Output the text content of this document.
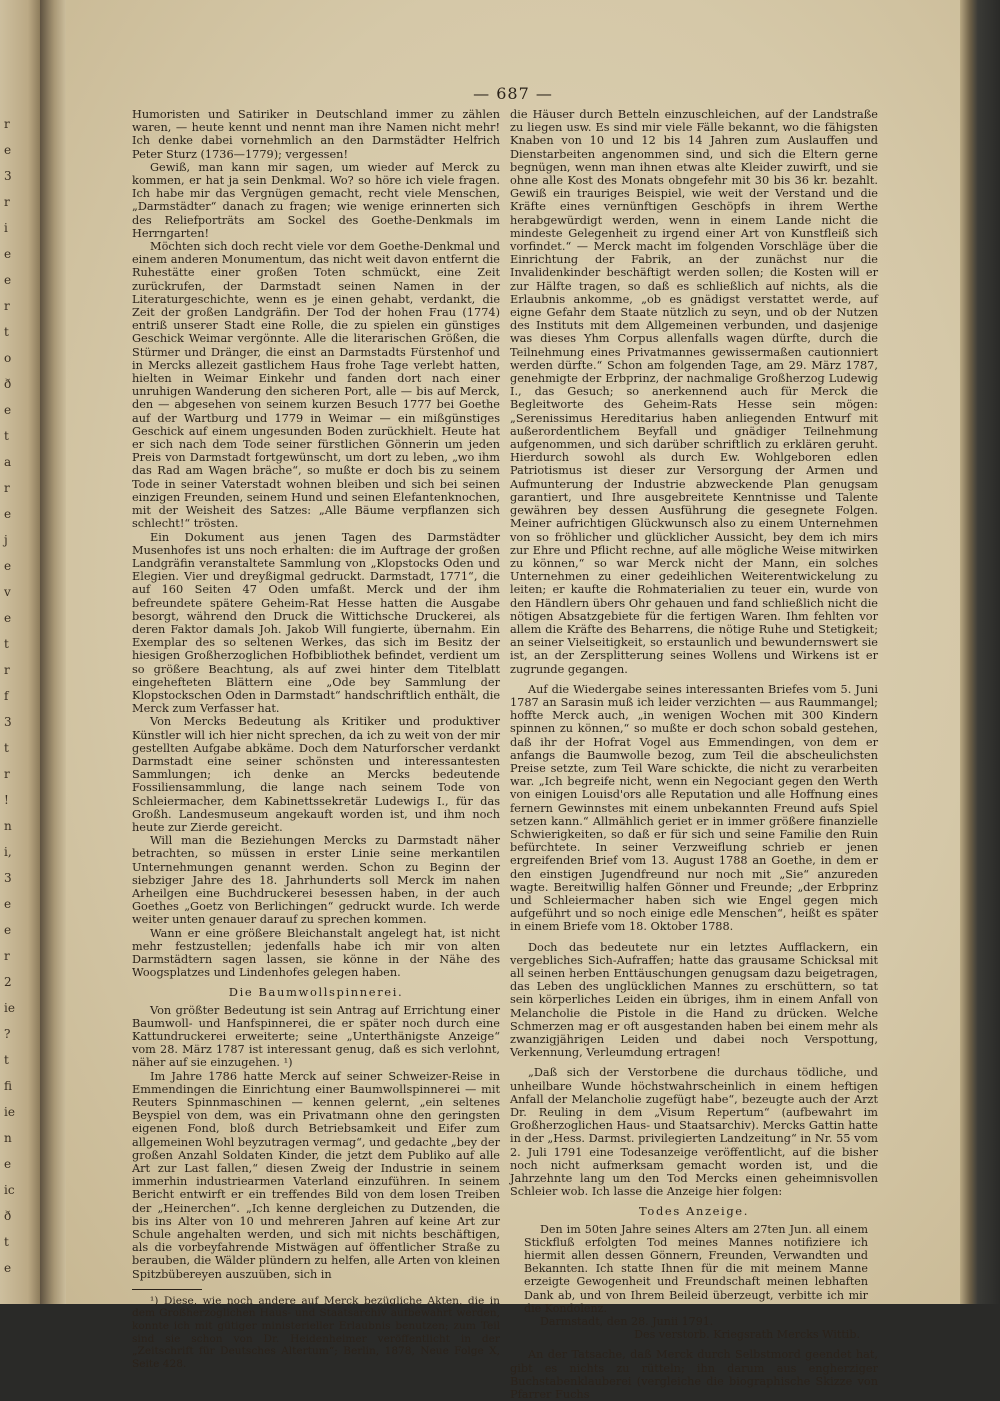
r
e
3
r
i
e
e
r
t
o
ð
e
t
a
r
e
j
e
v
e
t
r
f
3
t
r
!
n
i,
3
e
e
r
2
ie
?
t
fi
ie
n
e
ic
ð
t
e
— 687 —

Humoristen und Satiriker in Deutschland immer zu zählen waren, — heute kennt und nennt man ihre Namen nicht mehr! Ich denke dabei vornehmlich an den Darmstädter Helfrich Peter Sturz (1736—1779); vergessen!

Gewiß, man kann mir sagen, um wieder auf Merck zu kommen, er hat ja sein Denkmal. Wo? so höre ich viele fragen. Ich habe mir das Vergnügen gemacht, recht viele Menschen, „Darmstädter“ danach zu fragen; wie wenige erinnerten sich des Reliefporträts am Sockel des Goethe-Denkmals im Herrngarten!

Möchten sich doch recht viele vor dem Goethe-Denkmal und einem anderen Monumentum, das nicht weit davon entfernt die Ruhestätte einer großen Toten schmückt, eine Zeit zurückrufen, der Darmstadt seinen Namen in der Literaturgeschichte, wenn es je einen gehabt, verdankt, die Zeit der großen Landgräfin. Der Tod der hohen Frau (1774) entriß unserer Stadt eine Rolle, die zu spielen ein günstiges Geschick Weimar vergönnte. Alle die literarischen Größen, die Stürmer und Dränger, die einst an Darmstadts Fürstenhof und in Mercks allezeit gastlichem Haus frohe Tage verlebt hatten, hielten in Weimar Einkehr und fanden dort nach einer unruhigen Wanderung den sicheren Port, alle — bis auf Merck, den — abgesehen von seinem kurzen Besuch 1777 bei Goethe auf der Wartburg und 1779 in Weimar — ein mißgünstiges Geschick auf einem ungesunden Boden zurückhielt. Heute hat er sich nach dem Tode seiner fürstlichen Gönnerin um jeden Preis von Darmstadt fortgewünscht, um dort zu leben, „wo ihm das Rad am Wagen bräche“, so mußte er doch bis zu seinem Tode in seiner Vaterstadt wohnen bleiben und sich bei seinen einzigen Freunden, seinem Hund und seinen Elefantenknochen, mit der Weisheit des Satzes: „Alle Bäume verpflanzen sich schlecht!“ trösten.

Ein Dokument aus jenen Tagen des Darmstädter Musenhofes ist uns noch erhalten: die im Auftrage der großen Landgräfin veranstaltete Sammlung von „Klopstocks Oden und Elegien. Vier und dreyßigmal gedruckt. Darmstadt, 1771“, die auf 160 Seiten 47 Oden umfaßt. Merck und der ihm befreundete spätere Geheim-Rat Hesse hatten die Ausgabe besorgt, während den Druck die Wittichsche Druckerei, als deren Faktor damals Joh. Jakob Will fungierte, übernahm. Ein Exemplar des so seltenen Werkes, das sich im Besitz der hiesigen Großherzoglichen Hofbibliothek befindet, verdient um so größere Beachtung, als auf zwei hinter dem Titelblatt eingehefteten Blättern eine „Ode bey Sammlung der Klopstockschen Oden in Darmstadt“ handschriftlich enthält, die Merck zum Verfasser hat.

Von Mercks Bedeutung als Kritiker und produktiver Künstler will ich hier nicht sprechen, da ich zu weit von der mir gestellten Aufgabe abkäme. Doch dem Naturforscher verdankt Darmstadt eine seiner schönsten und interessantesten Sammlungen; ich denke an Mercks bedeutende Fossiliensammlung, die lange nach seinem Tode von Schleiermacher, dem Kabinettssekretär Ludewigs I., für das Großh. Landesmuseum angekauft worden ist, und ihm noch heute zur Zierde gereicht.

Will man die Beziehungen Mercks zu Darmstadt näher betrachten, so müssen in erster Linie seine merkantilen Unternehmungen genannt werden. Schon zu Beginn der siebziger Jahre des 18. Jahrhunderts soll Merck im nahen Arheilgen eine Buchdruckerei besessen haben, in der auch Goethes „Goetz von Berlichingen“ gedruckt wurde. Ich werde weiter unten genauer darauf zu sprechen kommen.

Wann er eine größere Bleichanstalt angelegt hat, ist nicht mehr festzustellen; jedenfalls habe ich mir von alten Darmstädtern sagen lassen, sie könne in der Nähe des Woogsplatzes und Lindenhofes gelegen haben.

Die Baumwollspinnerei.

Von größter Bedeutung ist sein Antrag auf Errichtung einer Baumwoll- und Hanfspinnerei, die er später noch durch eine Kattundruckerei erweiterte; seine „Unterthänigste Anzeige“ vom 28. März 1787 ist interessant genug, daß es sich verlohnt, näher auf sie einzugehen. ¹)

Im Jahre 1786 hatte Merck auf seiner Schweizer-Reise in Emmendingen die Einrichtung einer Baumwollspinnerei — mit Reuters Spinnmaschinen — kennen gelernt, „ein seltenes Beyspiel von dem, was ein Privatmann ohne den geringsten eigenen Fond, bloß durch Betriebsamkeit und Eifer zum allgemeinen Wohl beyzutragen vermag“, und gedachte „bey der großen Anzahl Soldaten Kinder, die jetzt dem Publiko auf alle Art zur Last fallen,“ diesen Zweig der Industrie in seinem immerhin industriearmen Vaterland einzuführen. In seinem Bericht entwirft er ein treffendes Bild von dem losen Treiben der „Heinerchen“. „Ich kenne dergleichen zu Dutzenden, die bis ins Alter von 10 und mehreren Jahren auf keine Art zur Schule angehalten werden, und sich mit nichts beschäftigen, als die vorbeyfahrende Mistwägen auf öffentlicher Straße zu berauben, die Wälder plündern zu helfen, alle Arten von kleinen Spitzbübereyen auszuüben, sich in

¹) Diese, wie noch andere auf Merck bezügliche Akten, die in dem Großherzoglichen Haus- und Staatsarchiv aufbewahrt werden, konnte ich mit gütiger ministerieller Erlaubnis benutzen; zum Teil sind sie schon von Dr. Heidenheimer veröffentlicht in der „Zeitschrift für Deutsches Altertum“; Berlin, 1878, Neue Folge X, Seite 428.

die Häuser durch Betteln einzuschleichen, auf der Landstraße zu liegen usw. Es sind mir viele Fälle bekannt, wo die fähigsten Knaben von 10 und 12 bis 14 Jahren zum Auslauffen und Dienstarbeiten angenommen sind, und sich die Eltern gerne begnügen, wenn man ihnen etwas alte Kleider zuwirft, und sie ohne alle Kost des Monats obngefehr mit 30 bis 36 kr. bezahlt. Gewiß ein trauriges Beispiel, wie weit der Verstand und die Kräfte eines vernünftigen Geschöpfs in ihrem Werthe herabgewürdigt werden, wenn in einem Lande nicht die mindeste Gelegenheit zu irgend einer Art von Kunstfleiß sich vorfindet.“ — Merck macht im folgenden Vorschläge über die Einrichtung der Fabrik, an der zunächst nur die Invalidenkinder beschäftigt werden sollen; die Kosten will er zur Hälfte tragen, so daß es schließlich auf nichts, als die Erlaubnis ankomme, „ob es gnädigst verstattet werde, auf eigne Gefahr dem Staate nützlich zu seyn, und ob der Nutzen des Instituts mit dem Allgemeinen verbunden, und dasjenige was dieses Yhm Corpus allenfalls wagen dürfte, durch die Teilnehmung eines Privatmannes gewissermaßen cautionniert werden dürfte.“ Schon am folgenden Tage, am 29. März 1787, genehmigte der Erbprinz, der nachmalige Großherzog Ludewig I., das Gesuch; so anerkennend auch für Merck die Begleitworte des Geheim-Rats Hesse sein mögen: „Serenissimus Hereditarius haben anliegenden Entwurf mit außerordentlichem Beyfall und gnädiger Teilnehmung aufgenommen, und sich darüber schriftlich zu erklären geruht. Hierdurch sowohl als durch Ew. Wohlgeboren edlen Patriotismus ist dieser zur Versorgung der Armen und Aufmunterung der Industrie abzweckende Plan genugsam garantiert, und Ihre ausgebreitete Kenntnisse und Talente gewähren bey dessen Ausführung die gesegnete Folgen. Meiner aufrichtigen Glückwunsch also zu einem Unternehmen von so fröhlicher und glücklicher Aussicht, bey dem ich mirs zur Ehre und Pflicht rechne, auf alle mögliche Weise mitwirken zu können,“ so war Merck nicht der Mann, ein solches Unternehmen zu einer gedeihlichen Weiterentwickelung zu leiten; er kaufte die Rohmaterialien zu teuer ein, wurde von den Händlern übers Ohr gehauen und fand schließlich nicht die nötigen Absatzgebiete für die fertigen Waren. Ihm fehlten vor allem die Kräfte des Beharrens, die nötige Ruhe und Stetigkeit; an seiner Vielseitigkeit, so erstaunlich und bewundernswert sie ist, an der Zersplitterung seines Wollens und Wirkens ist er zugrunde gegangen.

Auf die Wiedergabe seines interessanten Briefes vom 5. Juni 1787 an Sarasin muß ich leider verzichten — aus Raummangel; hoffte Merck auch, „in wenigen Wochen mit 300 Kindern spinnen zu können,“ so mußte er doch schon sobald gestehen, daß ihr der Hofrat Vogel aus Emmendingen, von dem er anfangs die Baumwolle bezog, zum Teil die abscheulichsten Preise setzte, zum Teil Ware schickte, die nicht zu verarbeiten war. „Ich begreife nicht, wenn ein Negociant gegen den Werth von einigen Louisd'ors alle Reputation und alle Hoffnung eines fernern Gewinnstes mit einem unbekannten Freund aufs Spiel setzen kann.“ Allmählich geriet er in immer größere finanzielle Schwierigkeiten, so daß er für sich und seine Familie den Ruin befürchtete. In seiner Verzweiflung schrieb er jenen ergreifenden Brief vom 13. August 1788 an Goethe, in dem er den einstigen Jugendfreund nur noch mit „Sie“ anzureden wagte. Bereitwillig halfen Gönner und Freunde; „der Erbprinz und Schleiermacher haben sich wie Engel gegen mich aufgeführt und so noch einige edle Menschen“, heißt es später in einem Briefe vom 18. Oktober 1788.

Doch das bedeutete nur ein letztes Aufflackern, ein vergebliches Sich-Aufraffen; hatte das grausame Schicksal mit all seinen herben Enttäuschungen genugsam dazu beigetragen, das Leben des unglücklichen Mannes zu erschüttern, so tat sein körperliches Leiden ein übriges, ihm in einem Anfall von Melancholie die Pistole in die Hand zu drücken. Welche Schmerzen mag er oft ausgestanden haben bei einem mehr als zwanzigjährigen Leiden und dabei noch Verspottung, Verkennung, Verleumdung ertragen!

„Daß sich der Verstorbene die durchaus tödliche, und unheilbare Wunde höchstwahrscheinlich in einem heftigen Anfall der Melancholie zugefügt habe“, bezeugte auch der Arzt Dr. Reuling in dem „Visum Repertum“ (aufbewahrt im Großherzoglichen Haus- und Staatsarchiv). Mercks Gattin hatte in der „Hess. Darmst. privilegierten Landzeitung“ in Nr. 55 vom 2. Juli 1791 eine Todesanzeige veröffentlicht, auf die bisher noch nicht aufmerksam gemacht worden ist, und die Jahrzehnte lang um den Tod Mercks einen geheimnisvollen Schleier wob. Ich lasse die Anzeige hier folgen:

Todes Anzeige.

Den im 50ten Jahre seines Alters am 27ten Jun. all einem Stickfluß erfolgten Tod meines Mannes notifiziere ich hiermit allen dessen Gönnern, Freunden, Verwandten und Bekannten. Ich statte Ihnen für die mit meinem Manne erzeigte Gewogenheit und Freundschaft meinen lebhaften Dank ab, und von Ihrem Beileid überzeugt, verbitte ich mir die Kondolenz.

Darmstadt, den 28. Junii 1791.
Des verstorb. Kriegsrath Mercks Wittib.

An der Tatsache, daß Merck durch Selbstmord geendet hat, gibt es nichts zu rütteln; ihn darum aus engherziger Buchstabenklauberei (vergleiche die biographische Skizze von Pfarrer Fuchs
